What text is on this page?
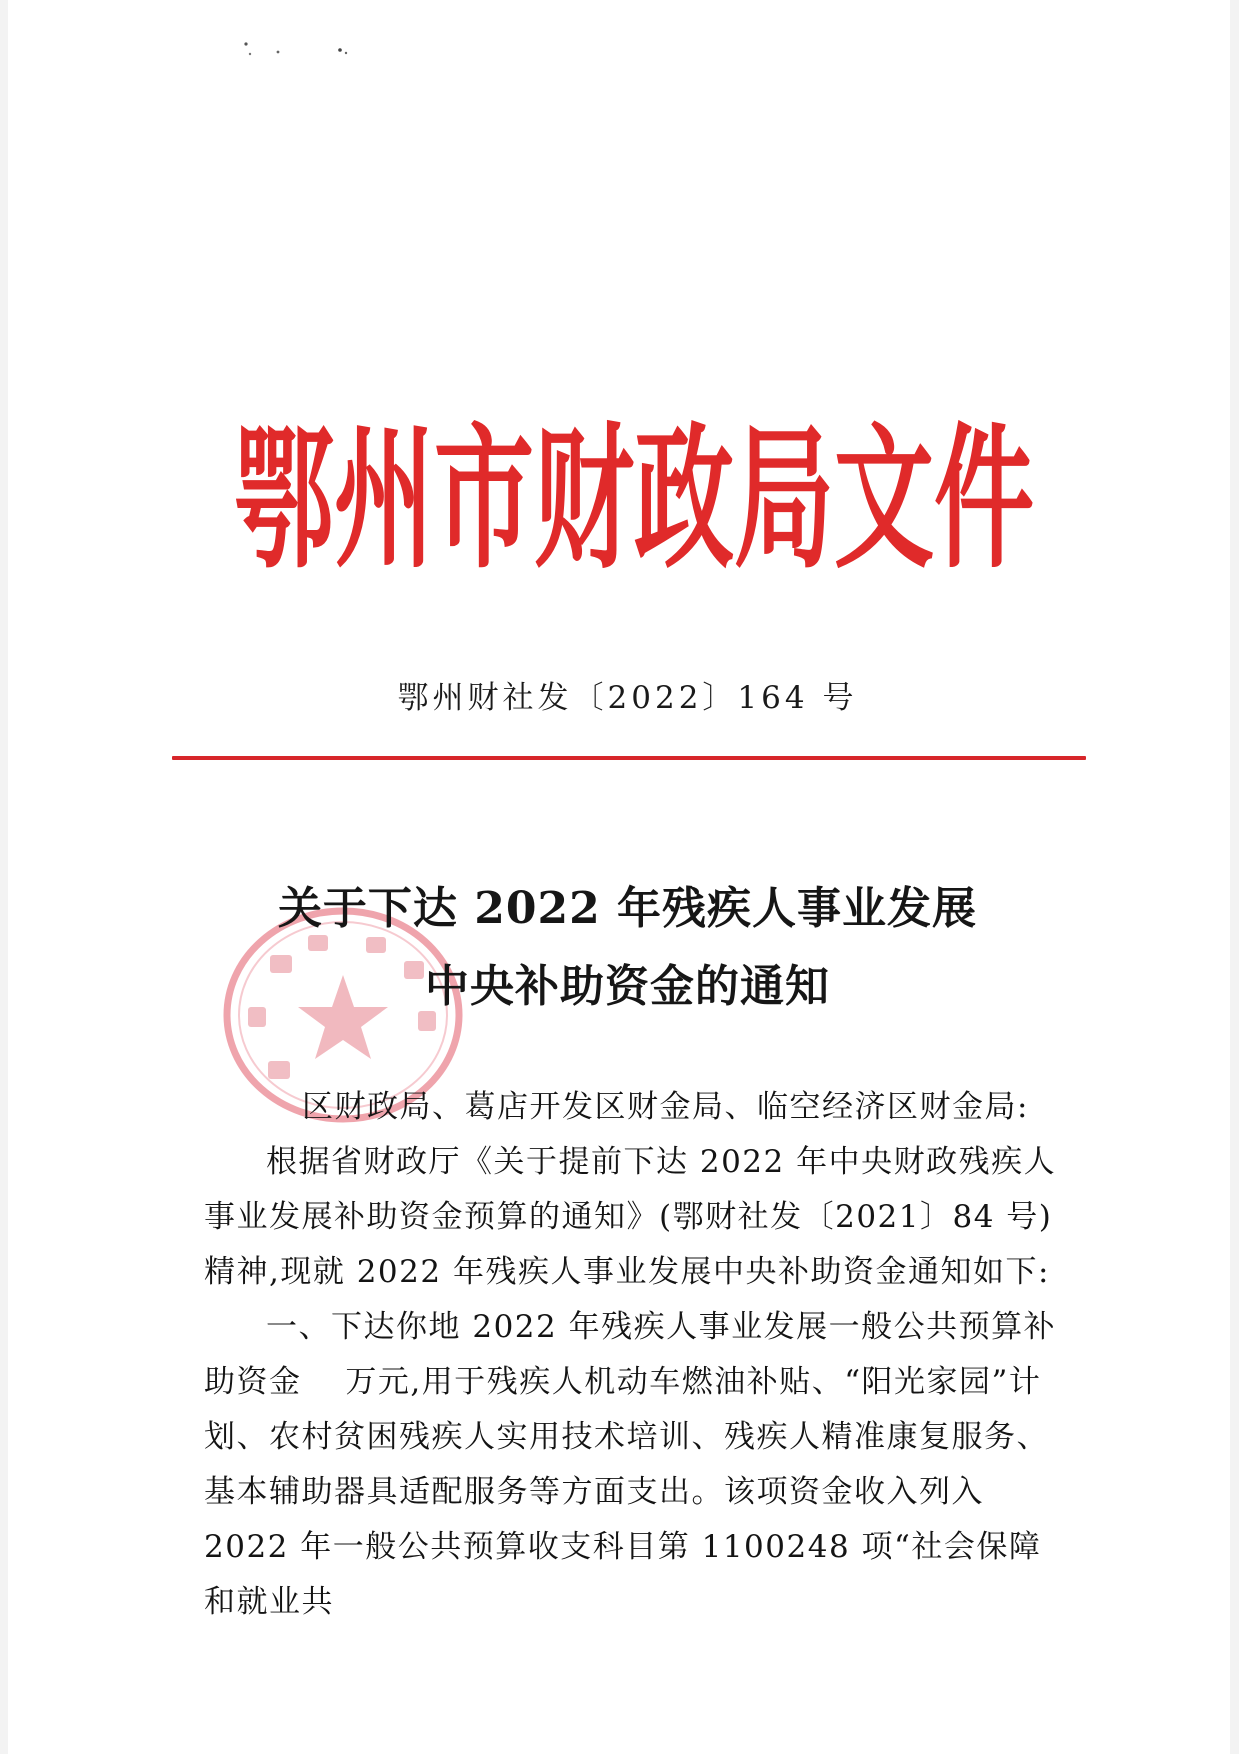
鄂 州 市 财 政 局 文 件
鄂州财社发〔2022〕164 号
关于下达 2022 年残疾人事业发展
中央补助资金的通知

区财政局、葛店开发区财金局、临空经济区财金局:

根据省财政厅《关于提前下达 2022 年中央财政残疾人事业发展补助资金预算的通知》(鄂财社发〔2021〕84 号)精神,现就 2022 年残疾人事业发展中央补助资金通知如下:

一、下达你地 2022 年残疾人事业发展一般公共预算补助资金　 万元,用于残疾人机动车燃油补贴、“阳光家园”计划、农村贫困残疾人实用技术培训、残疾人精准康复服务、基本辅助器具适配服务等方面支出。该项资金收入列入 2022 年一般公共预算收支科目第 1100248 项“社会保障和就业共
